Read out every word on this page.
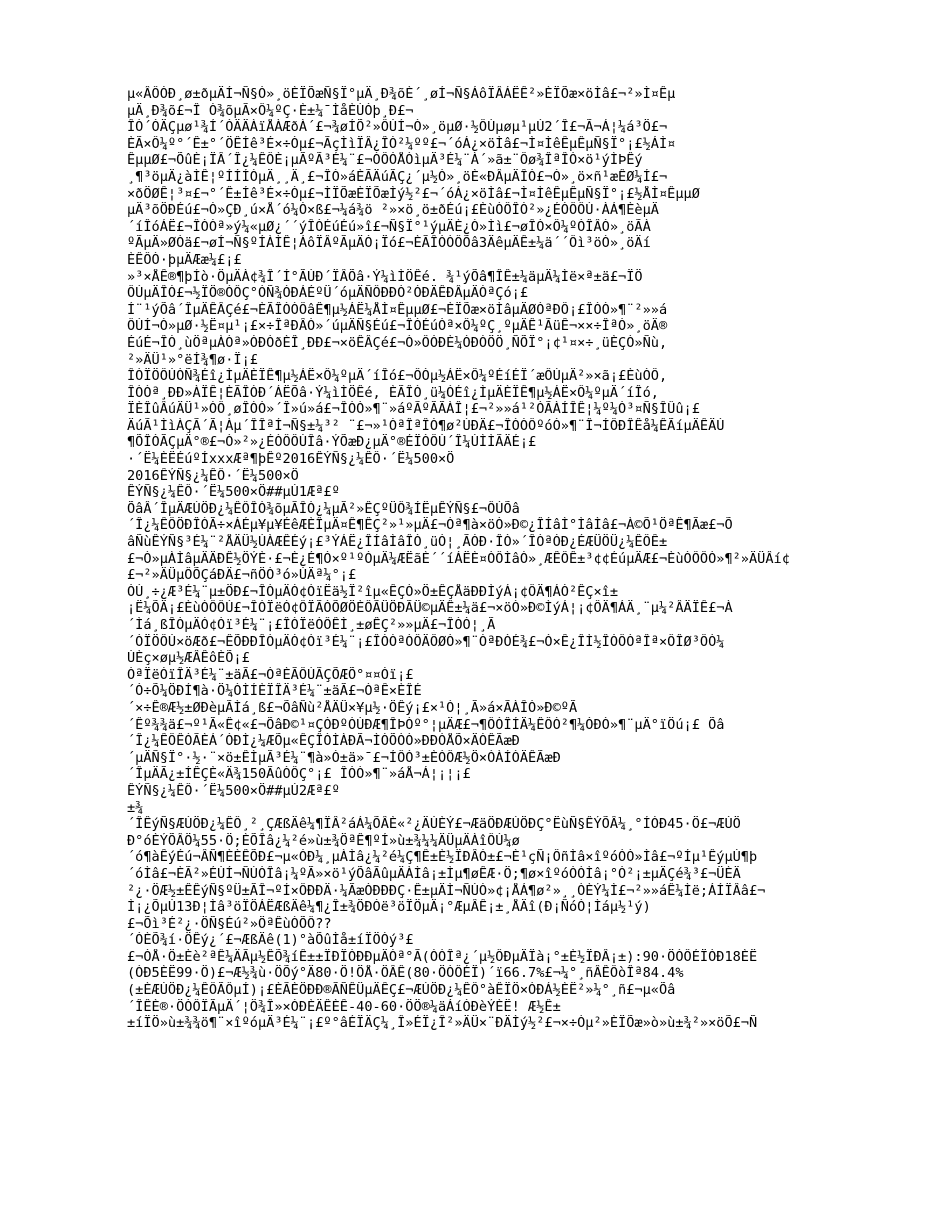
µ«ÂÔÓÐ¸ø±ðµÄÍ¬Ñ§Ò»¸öÈÏÕæÑ§Ï°µÄ¸Ð¾õÈ´¸øÍ¬Ñ§ÁôÏÂÁËÊ²»ÈÏÕæ×öÌâ£¬²»Ì¤Êµ
µÄ¸Ð¾õ£¬Î Ò¾õµÃ×Ô¼ºÇ·È±¼¯ÌåÈÙÓþ¸Ð£¬
ÎÒ´ÓÄÇµø¹¾Í´ÓÄÄÀïÅÀÆðÀ´£¬¾øÍÕ²»ÔÚÍ¬Ò»¸öµØ·½ÔÙµøµ¹µÚ2´Î£¬Ã¬Á¦¼á³Ö£¬
ÈÃ×Ô¼º°´Ê±°´ÖÊÍê³É×÷Òµ£¬ÃçÌìÏÂ¿ÎÒ²¼ºº£¬´óÁ¿×öÌâ£¬Ì¤ÌêÊµÊµÑ§Ï°¡£½ÁÌ¤
ÊµµØ£¬ÕûÈ¡ÏÂ´Î¿¼ÊÔÈ¡µÃºÃ³É¼¨£¬ÒÔÓÅÒìµÄ³É¼¨À´»ã±¨Ôø¾ÎªÎÒ×ö¹ýÌÞÊý
¸¶³öµÄ¿àÌÊ¦ºÍÍÍÒµÄ¸¸Ä¸£¬ÎÒ»áÈÃÄúÃÇ¿´µ½Ò»¸öÈ«ÐÂµÄÎÒ£¬Ò»¸ö×ñ¹æÊØ¼Í£¬
×ðÖØÊ¦³¤£¬°´Ê±Íê³É×÷Òµ£¬ÌÏÕæÈÏÕæÌý½²£¬´óÁ¿×öÌâ£¬Ì¤ÌêÊµÊµÑ§Ï°¡£½ÅÌ¤ÊµµØ
µÄ³õÖÐÉú£¬Ò»ÇÐ¸ú×Å´ó¼Ò×ß£¬¼á¾ö ²»×ö¸ö±ðÉú¡£ÈùÒÔÎÒ²»¿ÉÒÔÔÙ·ÀÁ¶ÈèµÄ
´íÎóÁË£¬ÎÒÒª»ý¼«µØ¿´´ýÎÒÉúÉú»î£¬Ñ§Ï°¹ýµÄÈ¿Ò»Ìì£¬øÎÒ×Ô¼ºÓÎÂÒ»¸öÃÀ
ºÃµÄ»ØÒä£¬øÍ¬Ñ§ºÍÀÌÊ¦ÁôÏÂºÃµÄÓ¡Ïó£¬ÈÃÎÒÒÔÕâ3ÄêµÄÊ±¼ä´´Ôì³öÒ»¸öÄí
ÈÊÔÒ·þµÄÆæ¼£¡£
»³×ÅÊ®¶þÍò·ÖµÄÀ¢¾Î´Í°ÃÚÐ´ÏÂÕâ·Ý¼ìÌÖÊé. ¾¹ýÕâ¶ÎÊ±¼äµÄ¼Ìë×ª±ä£¬ÏÖ
ÔÚµÄÎÒ£¬½ÏÖ®ÓÔÇ°ÓÑ¾ÓÐÁÉºÜ´óµÄÑÔÐÐÒ²ÓÐÄÊÐÂµÄÒªÇó¡£
Í¨¹ýÕâ´ÎµÄÊÂÇé£¬ÈÃÎÒÒÔâÊ¶µ½ÁË¼ÅÌ¤ÊµµØ£¬ÈÏÕæ×öÌâµÄØÒªÐÔ¡£ÎÒÒ»¶¨²»»á
ÔÚÍ¬Ò»µØ·½Ë¤µ¹¡£×÷ÎªÐÂÒ»´úµÄÑ§Éú£¬ÎÒÉúÒª×Ô¼ºÇ¸ºµÄÊ¹ÃüÊ¬××÷ÎªÒ»¸öÄ®
ÉúÉ¬ÎÒ¸ùÖªµÀÒª»ÓÐÒðÈÎ¸ÐÐ£¬×öÊÂÇé£¬Ò»ÔÓÐÈ¼ÓÐÒÖÖ¸ÑÕÏ°¡¢¹¤×÷¸üÈÇÒ»Ñù,
²»ÄÜ¹»°ëÍ¾¶ø·Ï¡£
ÎÒÏÖÔÚÒÑ¾Éî¿ÌµÄÈÏÊ¶µ½ÁË×Ô¼ºµÄ´íÎó£¬ÔÒµ½ÁË×Ô¼ºÉíÉÏ´æÔÚµÄ²»×ã¡£ÈùÒÔ,
ÎÒÒª¸ÐÐ»ÀÏÊ¦ÈÃÎÒÐ´ÁËÕâ·Ý¼ìÌÖÊé, ÈÃÎÒ¸ü¼ÓÉî¿ÌµÄÈÏÊ¶µ½ÁË×Ô¼ºµÄ´íÎó,
ÏÈÎûÂúÄÜ¹»ÒÔ¸øÎÒÒ»´Î»ú»á£¬ÎÒÒ»¶¨»áºÃºÃÃÀÎ¦£¬²»»á¹²ÒÃÀÍÎÊ¦¼º¼Ò³¤Ñ§ÎÛû¡£
ÄúÃ¹ÌìÀÇÃ´Ã¦Àµ´ÎÎªÍ¬Ñ§±¼³² ¨£¬»¹ÒªÎªÎÒ¶ø²ÙÐÄ£¬ÎÒÒÔºóÒ»¶¨Î¬ÍÔÐÎÊå¼ÊÃíµÄÊÄÚ
¶ÕÎÒÃÇµÄ°®£¬Ò»²»¿ÉÒÔÔÙÎâ·ÝÕæÐ¿µÄ°®ÉÏÒÔÙ´Î¼ÙÌÌÃÄÉ¡£
·´Ë¼ÈËÉúºÍxxxÆª¶þÊº2016ÊÝÑ§¿¼ÊÔ·´Ë¼500×Ö
2016ÊÝÑ§¿¼ÊÔ·´Ë¼500×Ö
ÊÝÑ§¿¼ÊÔ·´Ë¼500×Ö##µÚ1Æª£º
ÕâÂ´ÎµÄÆÚÖÐ¿¼ÊÔÎÒ¾õµÃÎÒ¿¼µÃ²»ÊÇºÜÔ¾ÍËµÊÝÑ§£¬ÔÚÕâ
´Î¿¼ÊÔÖÐÎÒÃ÷×ÁÉµ¥µ¥ÉêÆÈÎµÄ¤Ê¶ÊÇ²»¹»µÄ£¬Òª¶à×öÒ»Ð©¿ÎÍâÌ°ÌâÌâ£¬À©Õ¹ÖªÊ¶Ãæ£¬Õ
âÑùÊÝÑ§³É¼¨²ÅÄÜ½ÚÀÆÊÉý¡£³ÝÁË¿ÎÍâÌâÎÒ¸üÓ¦¸ÃÓÐ·ÎÒ»´ÎÒªÓÐ¿ÉÆÜÖÜ¿¼ÊÔÊ±
£¬Ò»µÀÌâµÄÄÐÊ½ÖÝÈ·£¬È¿É¶Ó×º¹ºÓµÄ¼ÆËãÈ´´íÁËÈ¤ÒÔÌâÒ»¸ÆÊÔÊ±³¢¢ÉúµÄÆ£¬ÈùÒÔÔÒ»¶²»ÄÜÂí¢
£¬²»ÄÜµÔÕÇáÐÄ£¬ñÖÒ³ó»ÚÄª¼°¡£
ÒÚ¸÷¿Æ³É¼¨µ±ÖÐ£¬ÎÒµÄÓ¢ÓïËä½Ï²îµ«ÊÇÒ»Ö±ÊÇÅäÐÐÌýÁ¡¢ÔÄ¶ÁÒ²ÊÇ×î±
¡Ë¼ÕÄ¡£ÈùÒÔÔÚ£¬ÎÒÏëÓ¢ÔÏÃÓÕØÖÈÔÃÜÖÐÃÜ©µÄÊ±¼ä£¬×öÒ»Ð©ÌýÁ¦¡¢ÔÄ¶ÁÄ¸¨µ¼²ÂÄÏÊ£¬À
´Ìá¸ßÎÒµÄÓ¢Óï³É¼¨¡£ÎÒÏëÒÔÊÌ¸±øÊÇ²»»µÄ£¬ÎÒÓ¦¸Ã
´ÓÏÖÔÚ×öÆð£¬ÊÕÐÐÎÒµÄÓ¢Óï³É¼¨¡£ÎÒÒªÒÔÄÔØÒ»¶¨ÒªÐÒÉ¾£¬Ó×Ê¿ÎÌ½ÎÓÔÒªÎª×ÔÎØ³ÔÒ¼
ÙÈç×øµ½ÆÂÊôÈÕ¡£
ÒªÏëÓïÎÄ³É¼¨±äÃ£¬ÒªÈÃÔÚÃÇÕÆÕ°¤¤Óï¡£
´Ó÷Õ¼ÖÐÍ¶à·Ö¼ÒÌÍÈÏÎÄ³É¼¨±äÃ£¬ÒªÊ×ÈÎÉ
´×÷Ê®Æ½±ØÐèµÃÌá¸ß£¬ÕâÑù²ÅÄÜ×¥µ½·ÖÊý¡£×¹Ó¦¸Ã»á×ÃÀÎÒ»Ð©ºÃ
´Êº¾¾ä£¬º¹Ã«Ê¢«£¬ÕâÐ©¹¤ÇÓÐºÒÙÐÆ¶ÎÞÒº°¦µÄÆ£¬¶ÔÓÎÍÄ¼ÊÔÒ²¶¼ÓÐÒ»¶¨µÄ°ïÖú¡£ Õâ
´Î¿¼ÊÔÊÓÃÈÁ´ÓÐÌ¿¼ÆÕµ«ÊÇÎÒÌÀÐÃ¬ÌÒÕÒÒ»ÐÐÒÅÕ×ÄÒÊÃæÐ
´µÄÑ§Ï°·½·¨×ö±ÊÌµÃ³É¼¨¶à»Ó±ä»¯£¬ÍÔÓ³±ÈÓÔÆ½Ö×ÓÀÍÒÄÊÃæÐ
´ÎµÄÃ¿±ÍÊÇÈ«Ä¾150ÃûÒÔÇ°¡£ ÎÒÒ»¶¨»áÅ¬Á¦¡¦¡£
ÊÝÑ§¿¼ÊÔ·´Ë¼500×Ö##µÚ2Æª£º
±¾
´ÎÊýÑ§ÆÚÖÐ¿¼ÊÔ¸²¸ÇÆßÄê¼¶ÏÂ²áÁ¼ÕÂÈ«²¿ÄÚÈÝ£¬ÆäÖÐÆÚÖÐÇ°ËùÑ§ÊÝÕÂ¼¸°ÍÓÐ45·Ö£¬ÆÚÖ
Ð°óÈÝÕÂÖ¼55·Ö;ÈÕÎâ¿¼²é»ù±¾ÖªÊ¶ºÍ»ù±¾¼¼ÄÜµÄÀîÔÚ¼ø
´ó¶àÊýÉú¬ÂÑ¶ÈÈÊÕÐ£¬µ«ÓÐ¼¸µÀÌâ¿¼²é¼Ç¶Ê±È½ÏÐÂÓ±£¬È¹çÑ¡ÔñÌâ×îºóÓÒ»Ìâ£¬ºÍµ¹ÊýµÚ¶þ
´óÌâ£¬ÈÃ²»ÉÙÍ¬ÑÙÒÎâ¡¼ºÃ»×ö¹ýÕâÃûµÄÀÌâ¡±Ìµ¶øÊÆ·Ö;¶ø×îºóÒÓÌâ¡°Ò²¡±µÄÇé¾³£¬ÜÈÄ
²¿·ÖÆ½±ÊÊýÑ§ºÜ±ÃÎ¬ºÍ×ÔÐÐÄ·¼ÃæÒÐÐÐÇ·Ê±µÄÌ¬ÑÙÒ»¢¡ÅÁ¶ø²»¸¸ÒÈÝ¼Ì£¬²»»áÊ¼Ìë;ÁÍÏÂâ£¬
Ì¡¿ÕµÚ13Ð¦Ìâ³öÏÖÁËÆßÄê¼¶¿Î±¾ÖÐÓë³öÏÖµÄ¡°ÆµÂÊ¡±¸ÅÄî(Ð¡ÑóÓ¦Ìáµ½¹ý)
£¬Õì³É²¿·ÖÑ§Éú²»ÖªÊùÒÕÔ??
´ÓÈÕ¾í·ÖÊý¿´£¬ÆßÄê(1)°àÕûÌå±íÏÖÒý³£
£¬ÓÅ·Ö±Èè²ªÊ¼ÄÃµ½ÊÕ¾íÊ±±ÏÐÏÒÐÐµÄÒª°Ã(ÒÒÎª¿´µ½ÔÐµÄÏà¡°±È½ÏÐÂ¡±):90·ÖÒÔÉÏÒÐ18ÈË
(ÓÐ5ÈË99·Ö)£¬Æ½¾ù·ÖÕý°Ä80·Ö!ÖÅ·ÖÂÊ(80·ÖÒÔÉÏ)´ï66.7%£¬¼°¸ñÂÊÔòÎª84.4%
(±ÈÆÚÖÐ¿¼ÊÔÃÔµÍ)¡£ÈÃÈÖÐÐ®ÃÑÊÜµÄÊÇ£¬ÆÚÖÐ¿¼ÊÔ°àÊÏÖ×ÓÐÁ½ÈË²»¼°¸ñ£¬µ«Õâ
´ÎÊÈ®·ÖÒÔÏÃµÄ´¦Ö¾Î»×ÓÐÈÄÊÈÊ-40-60·ÖÖ®¼äÁíÓÐèÝÈË! Æ½Ê±
±íÏÖ»ù±¾¾ö¶¨×îºóµÄ³É¼¨¡£º°âÉÏÄÇ¼¸Î»ÉÏ¿Î²»ÄÜ×¨ÐÄÌý½²£¬×÷Òµ²»ÈÏÕæ»ò»ù±¾²»×öÕ£¬Ñ
